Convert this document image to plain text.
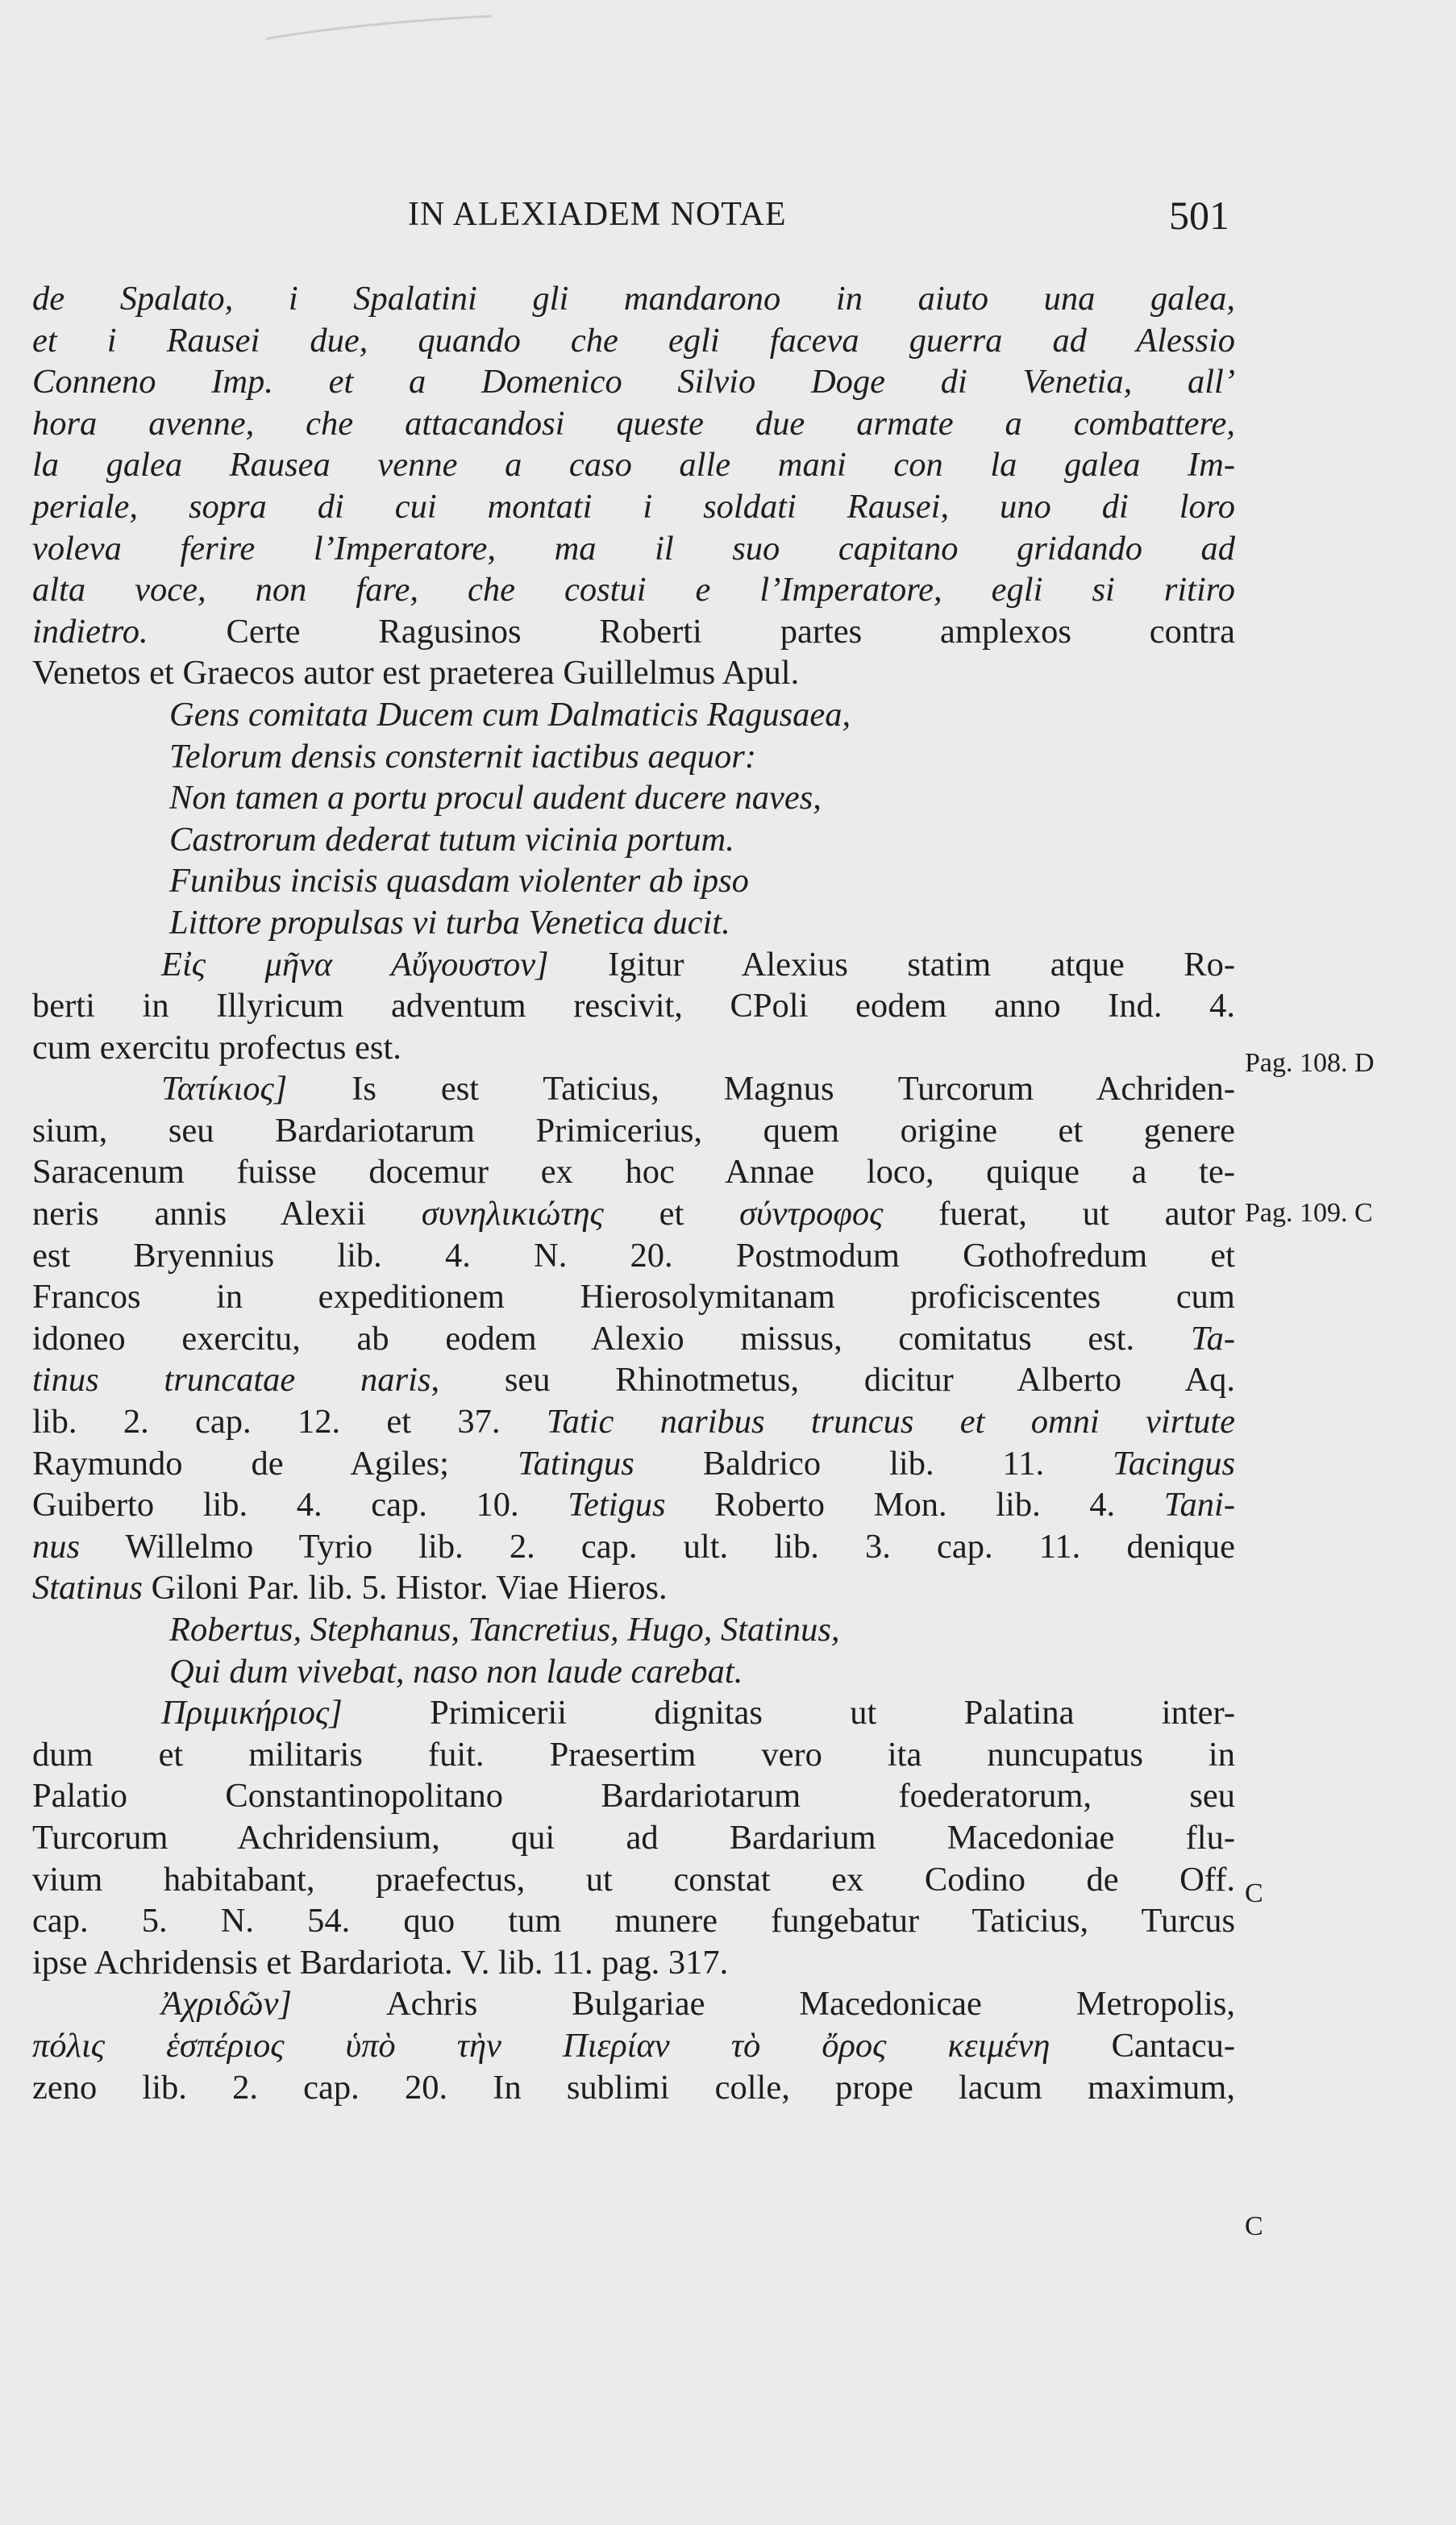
IN ALEXIADEM NOTAE	501
de Spalato, i Spalatini gli mandarono in aiuto una galea,
et i Rausei due, quando che egli faceva guerra ad Alessio
Conneno Imp. et a Domenico Silvio Doge di Venetia, all’
hora avenne, che attacandosi queste due armate a combattere,
la galea Rausea venne a caso alle mani con la galea Im-
periale, sopra di cui montati i soldati Rausei, uno di loro
voleva ferire l’Imperatore, ma il suo capitano gridando ad
alta voce, non fare, che costui e l’Imperatore, egli si ritiro
indietro. Certe Ragusinos Roberti partes amplexos contra
Venetos et Graecos autor est praeterea Guillelmus Apul.
Gens comitata Ducem cum Dalmaticis Ragusaea,
Telorum densis consternit iactibus aequor:
Non tamen a portu procul audent ducere naves,
Castrorum dederat tutum vicinia portum.
Funibus incisis quasdam violenter ab ipso
Littore propulsas vi turba Venetica ducit.
Εἰς μῆνα Αὔγουστον] Igitur Alexius statim atque Ro-
berti in Illyricum adventum rescivit, CPoli eodem anno Ind. 4.
cum exercitu profectus est.
Τατίκιος] Is est Taticius, Magnus Turcorum Achriden-
sium, seu Bardariotarum Primicerius, quem origine et genere
Saracenum fuisse docemur ex hoc Annae loco, quique a te-
neris annis Alexii συνηλικιώτης et σύντροφος fuerat, ut autor
est Bryennius lib. 4. N. 20. Postmodum Gothofredum et
Francos in expeditionem Hierosolymitanam proficiscentes cum
idoneo exercitu, ab eodem Alexio missus, comitatus est. Ta-
tinus truncatae naris, seu Rhinotmetus, dicitur Alberto Aq.
lib. 2. cap. 12. et 37. Tatic naribus truncus et omni virtute
Raymundo de Agiles; Tatingus Baldrico lib. 11. Tacingus
Guiberto lib. 4. cap. 10. Tetigus Roberto Mon. lib. 4. Tani-
nus Willelmo Tyrio lib. 2. cap. ult. lib. 3. cap. 11. denique
Statinus Giloni Par. lib. 5. Histor. Viae Hieros.
Robertus, Stephanus, Tancretius, Hugo, Statinus,
Qui dum vivebat, naso non laude carebat.
Πριμικήριος] Primicerii dignitas ut Palatina inter-
dum et militaris fuit. Praesertim vero ita nuncupatus in
Palatio Constantinopolitano Bardariotarum foederatorum, seu
Turcorum Achridensium, qui ad Bardarium Macedoniae flu-
vium habitabant, praefectus, ut constat ex Codino de Off.
cap. 5. N. 54. quo tum munere fungebatur Taticius, Turcus
ipse Achridensis et Bardariota. V. lib. 11. pag. 317.
Ἀχριδῶν] Achris Bulgariae Macedonicae Metropolis,
πόλις ἑσπέριος ὑπὸ τὴν Πιερίαν τὸ ὄρος κειμένη Cantacu-
zeno lib. 2. cap. 20. In sublimi colle, prope lacum maximum,
Pag. 108. D
Pag. 109. C
C
C
